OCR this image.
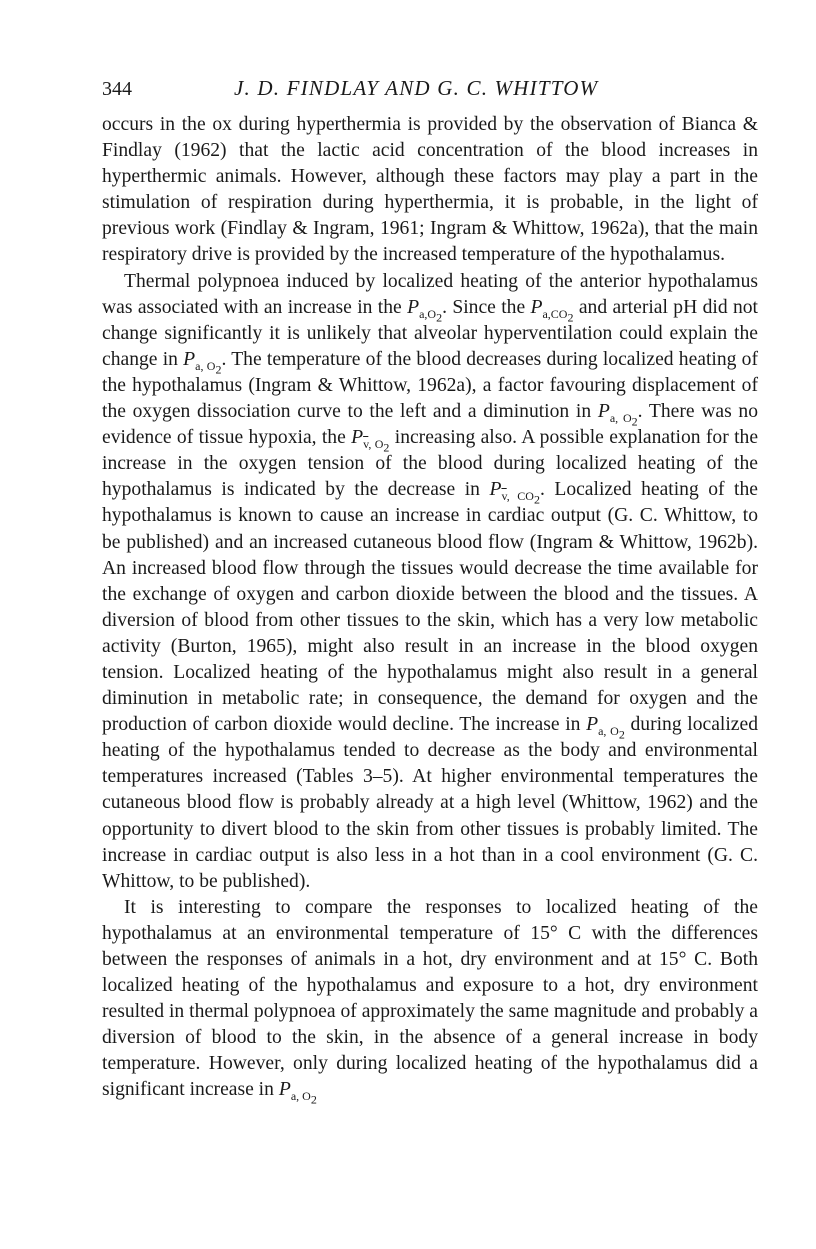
344	J. D. FINDLAY AND G. C. WHITTOW

occurs in the ox during hyperthermia is provided by the observation of Bianca & Findlay (1962) that the lactic acid concentration of the blood increases in hyperthermic animals. However, although these factors may play a part in the stimulation of respiration during hyperthermia, it is probable, in the light of previous work (Findlay & Ingram, 1961; Ingram & Whittow, 1962a), that the main respiratory drive is provided by the increased temperature of the hypothalamus.

Thermal polypnoea induced by localized heating of the anterior hypothalamus was associated with an increase in the $P_{a,O_2}$. Since the $P_{a,CO_2}$ and arterial pH did not change significantly it is unlikely that alveolar hyperventilation could explain the change in $P_{a, O_2}$. The temperature of the blood decreases during localized heating of the hypothalamus (Ingram & Whittow, 1962a), a factor favouring displacement of the oxygen dissociation curve to the left and a diminution in $P_{a, O_2}$. There was no evidence of tissue hypoxia, the $P_{\overline{v}, O_2}$ increasing also. A possible explanation for the increase in the oxygen tension of the blood during localized heating of the hypothalamus is indicated by the decrease in $P_{\overline{v}, CO_2}$. Localized heating of the hypothalamus is known to cause an increase in cardiac output (G. C. Whittow, to be published) and an increased cutaneous blood flow (Ingram & Whittow, 1962b). An increased blood flow through the tissues would decrease the time available for the exchange of oxygen and carbon dioxide between the blood and the tissues. A diversion of blood from other tissues to the skin, which has a very low metabolic activity (Burton, 1965), might also result in an increase in the blood oxygen tension. Localized heating of the hypothalamus might also result in a general diminution in metabolic rate; in consequence, the demand for oxygen and the production of carbon dioxide would decline. The increase in $P_{a, O_2}$ during localized heating of the hypothalamus tended to decrease as the body and environmental temperatures increased (Tables 3–5). At higher environmental temperatures the cutaneous blood flow is probably already at a high level (Whittow, 1962) and the opportunity to divert blood to the skin from other tissues is probably limited. The increase in cardiac output is also less in a hot than in a cool environment (G. C. Whittow, to be published).

It is interesting to compare the responses to localized heating of the hypothalamus at an environmental temperature of 15° C with the differences between the responses of animals in a hot, dry environment and at 15° C. Both localized heating of the hypothalamus and exposure to a hot, dry environment resulted in thermal polypnoea of approximately the same magnitude and probably a diversion of blood to the skin, in the absence of a general increase in body temperature. However, only during localized heating of the hypothalamus did a significant increase in $P_{a, O_2}$
